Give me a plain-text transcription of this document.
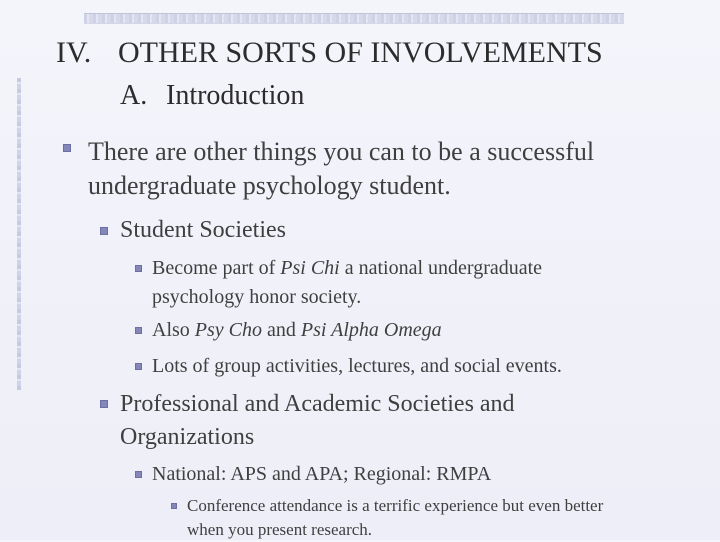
IV. OTHER SORTS OF INVOLVEMENTS
A. Introduction
There are other things you can to be a successful
undergraduate psychology student.
Student Societies
Become part of Psi Chi a national undergraduate
psychology honor society.
Also Psy Cho and Psi Alpha Omega
Lots of group activities, lectures, and social events.
Professional and Academic Societies and
Organizations
National: APS and APA; Regional: RMPA
Conference attendance is a terrific experience but even better
when you present research.
